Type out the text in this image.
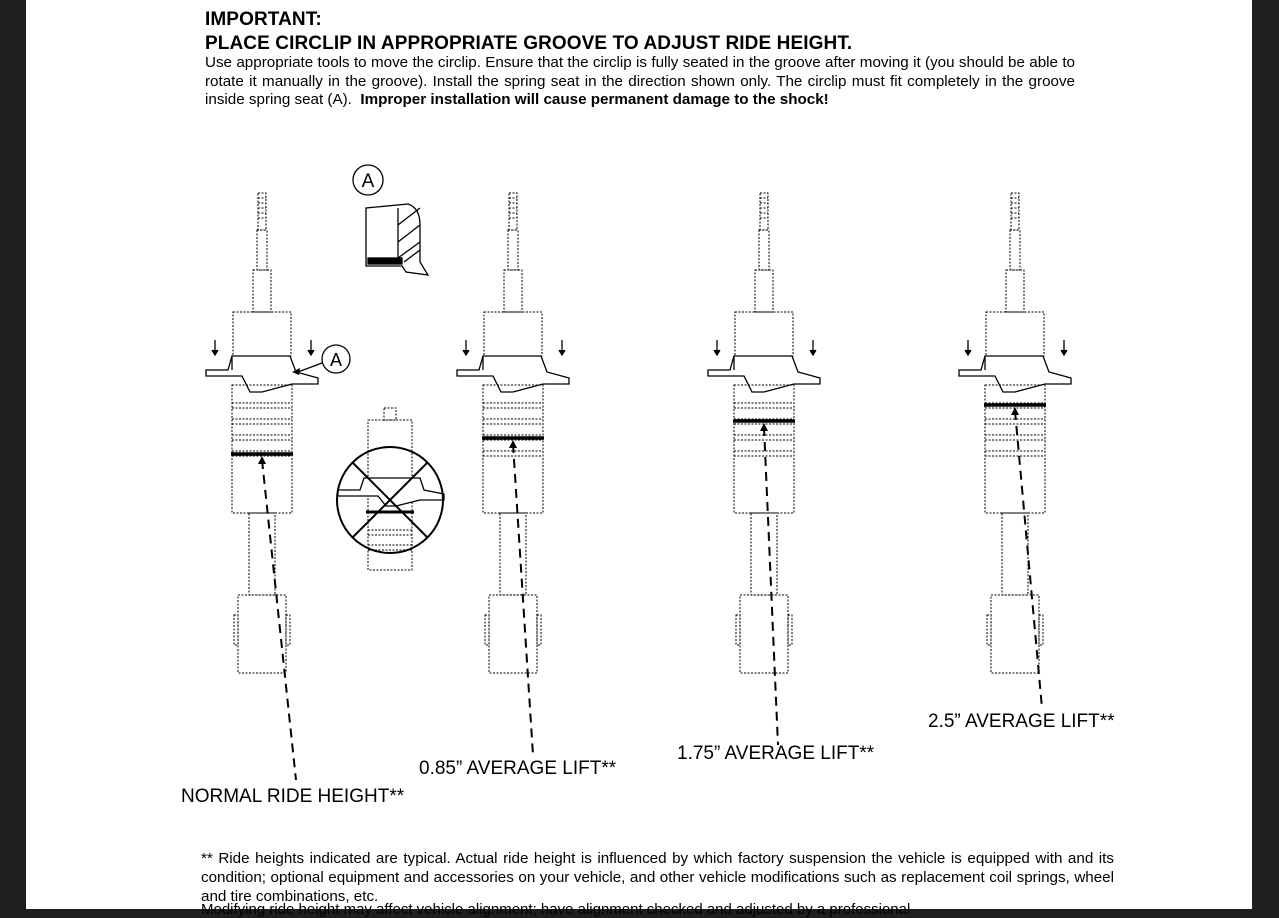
IMPORTANT:
PLACE CIRCLIP IN APPROPRIATE GROOVE TO ADJUST RIDE HEIGHT.
Use appropriate tools to move the circlip. Ensure that the circlip is fully seated in the groove after moving it (you should be able to rotate it manually in the groove). Install the spring seat in the direction shown only. The circlip must fit completely in the groove inside spring seat (A). Improper installation will cause permanent damage to the shock!
A
A
NORMAL RIDE HEIGHT**
0.85” AVERAGE LIFT**
1.75” AVERAGE LIFT**
2.5” AVERAGE LIFT**
** Ride heights indicated are typical. Actual ride height is influenced by which factory suspension the vehicle is equipped with and its condition; optional equipment and accessories on your vehicle, and other vehicle modifications such as replacement coil springs, wheel and tire combinations, etc.
Modifying ride height may affect vehicle alignment; have alignment checked and adjusted by a professional
